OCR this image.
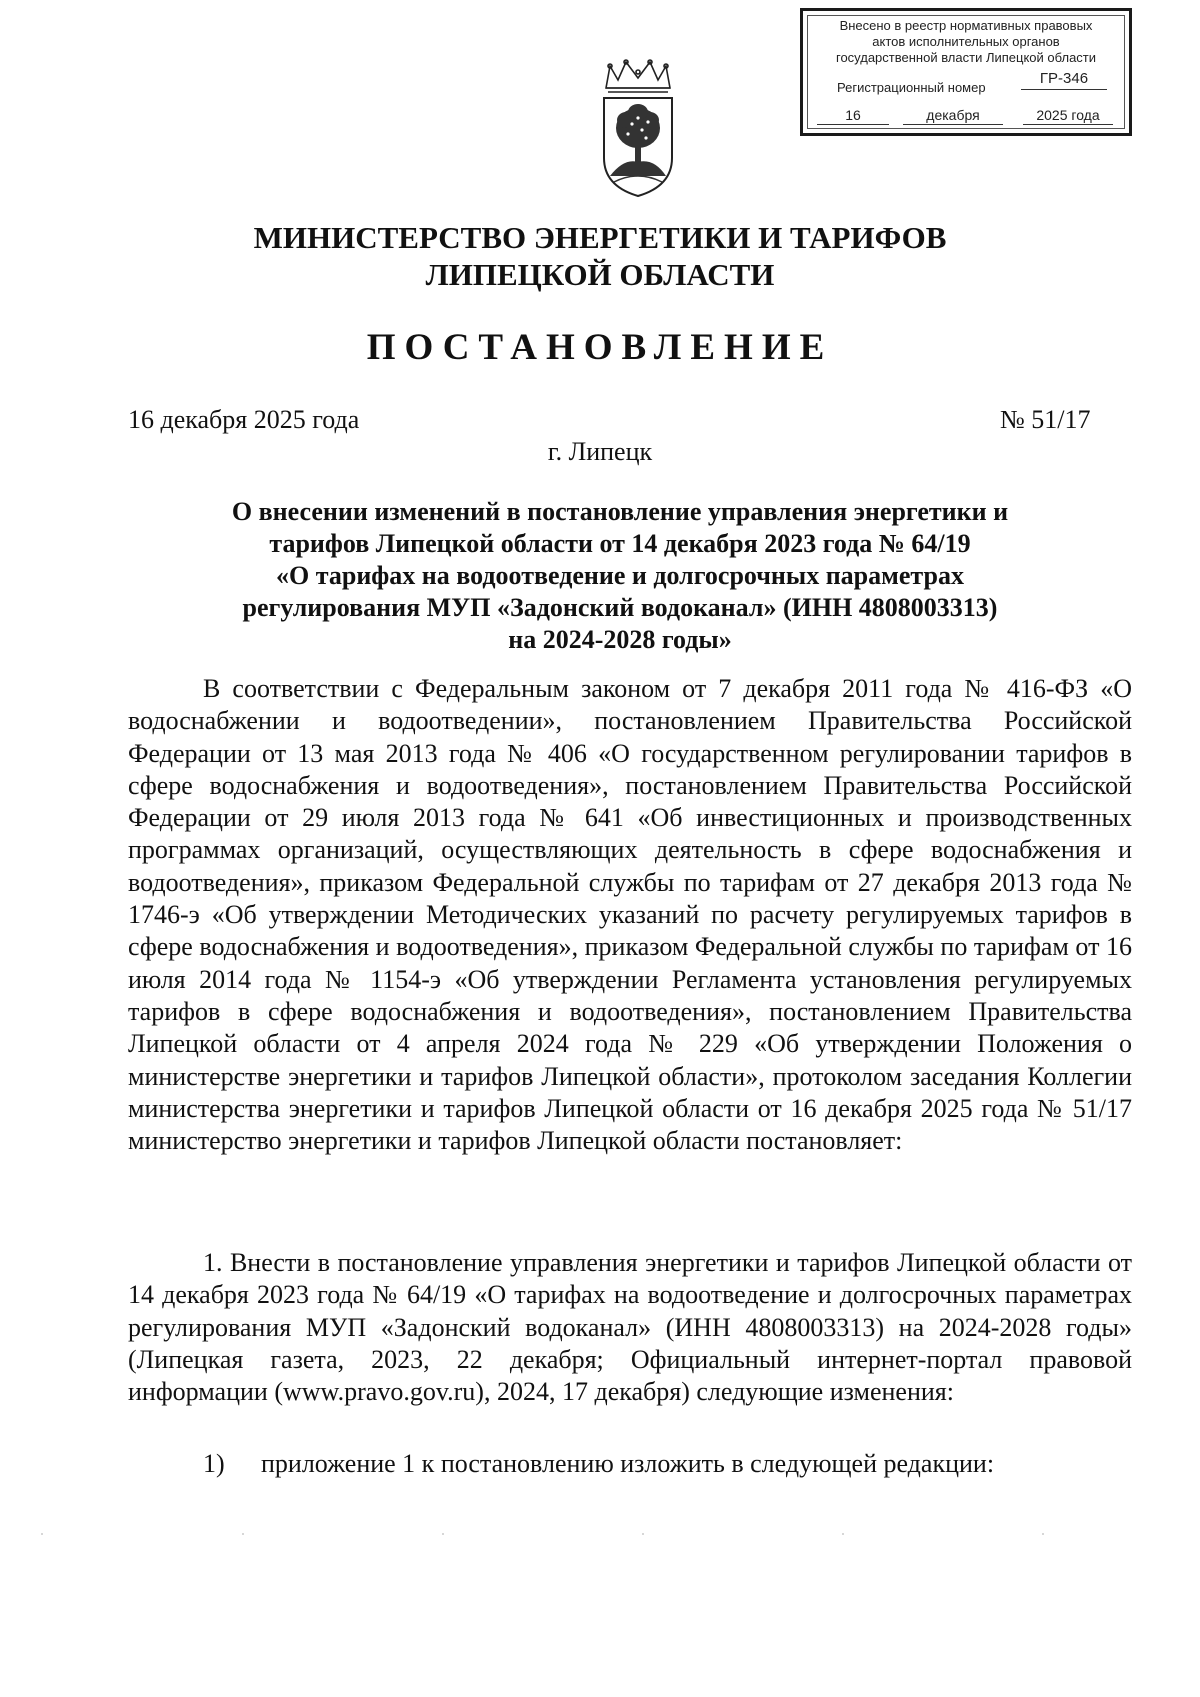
Внесено в реестр нормативных правовых
актов исполнительных органов
государственной власти Липецкой области
Регистрационный номер
ГР-346
16	декабря	2025 года
МИНИСТЕРСТВО ЭНЕРГЕТИКИ И ТАРИФОВ
ЛИПЕЦКОЙ ОБЛАСТИ
ПОСТАНОВЛЕНИЕ
16 декабря 2025 года	№ 51/17
г. Липецк
О внесении изменений в постановление управления энергетики и
тарифов Липецкой области от 14 декабря 2023 года № 64/19
«О тарифах на водоотведение и долгосрочных параметрах
регулирования МУП «Задонский водоканал» (ИНН 4808003313)
на 2024-2028 годы»
В соответствии с Федеральным законом от 7 декабря 2011 года № 416-ФЗ «О водоснабжении и водоотведении», постановлением Правительства Российской Федерации от 13 мая 2013 года № 406 «О государственном регулировании тарифов в сфере водоснабжения и водоотведения», постановлением Правительства Российской Федерации от 29 июля 2013 года № 641 «Об инвестиционных и производственных программах организаций, осуществляющих деятельность в сфере водоснабжения и водоотведения», приказом Федеральной службы по тарифам от 27 декабря 2013 года № 1746-э «Об утверждении Методических указаний по расчету регулируемых тарифов в сфере водоснабжения и водоотведения», приказом Федеральной службы по тарифам от 16 июля 2014 года № 1154-э «Об утверждении Регламента установления регулируемых тарифов в сфере водоснабжения и водоотведения», постановлением Правительства Липецкой области от 4 апреля 2024 года № 229 «Об утверждении Положения о министерстве энергетики и тарифов Липецкой области», протоколом заседания Коллегии министерства энергетики и тарифов Липецкой области от 16 декабря 2025 года № 51/17 министерство энергетики и тарифов Липецкой области постановляет:
1. Внести в постановление управления энергетики и тарифов Липецкой области от 14 декабря 2023 года № 64/19 «О тарифах на водоотведение и долгосрочных параметрах регулирования МУП «Задонский водоканал» (ИНН 4808003313) на 2024-2028 годы» (Липецкая газета, 2023, 22 декабря; Официальный интернет-портал правовой информации (www.pravo.gov.ru), 2024, 17 декабря) следующие изменения:
1) приложение 1 к постановлению изложить в следующей редакции:
